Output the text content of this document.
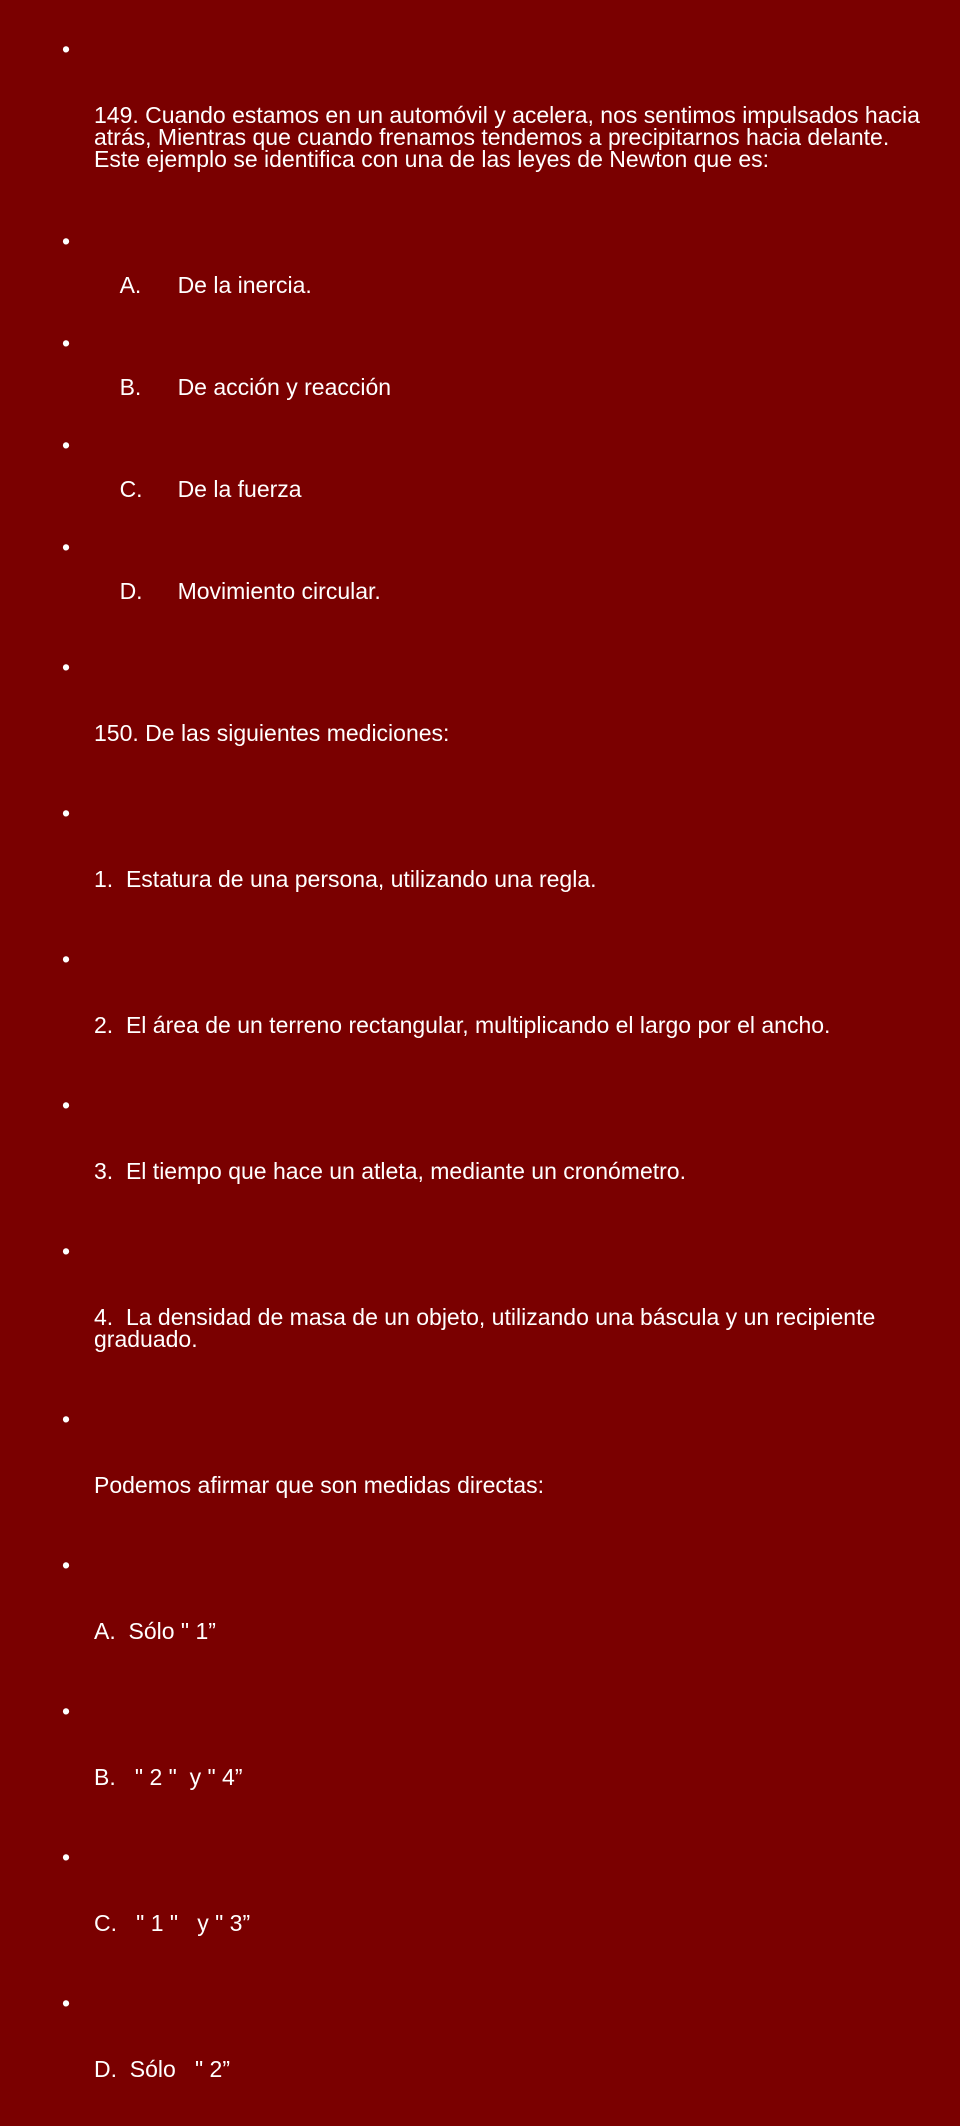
•

149. Cuando estamos en un automóvil y acelera, nos sentimos impulsados hacia atrás, Mientras que cuando frenamos tendemos a precipitarnos hacia delante. Este ejemplo se identifica con una de las leyes de Newton que es:

•

A. De la inercia.

•

B. De acción y reacción

•

C. De la fuerza

•

D. Movimiento circular.

•

150. De las siguientes mediciones:

•

1.  Estatura de una persona, utilizando una regla.

•

2.  El área de un terreno rectangular, multiplicando el largo por el ancho.

•

3.  El tiempo que hace un atleta, mediante un cronómetro.

•

4.  La densidad de masa de un objeto, utilizando una báscula y un recipiente graduado.

•

Podemos afirmar que son medidas directas:

•

A.  Sólo " 1”

•

B.   " 2 "  y " 4”

•

C.   " 1 "   y " 3”

•

D.  Sólo   " 2”
